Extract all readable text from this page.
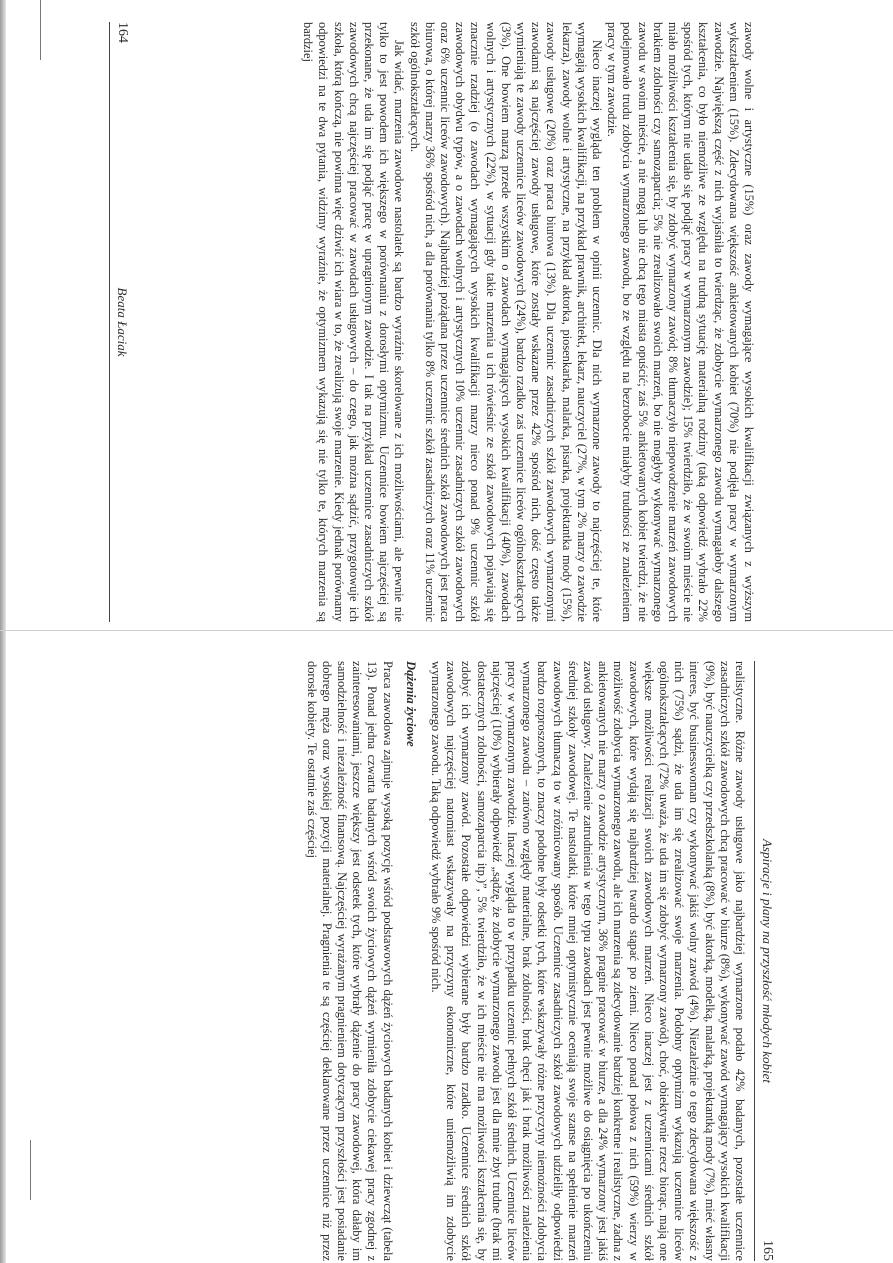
164
Beata Łaciak	zawody wolne i artystyczne (15%) oraz zawody wymagające wysokich kwalifikacji związanych z wyższym wykształceniem (15%). Zdecydowana większość ankietowanych kobiet (70%) nie podjęła pracy w wymarzonym zawodzie. Największą część z nich wyjaśniła to twierdząc, że zdobycie wymarzonego zawodu wymagałoby dalszego kształcenia, co było niemożliwe ze względu na trudną sytuację materialną rodziny (taką odpowiedź wybrało 22% spośród tych, którym nie udało się podjąć pracy w wymarzonym zawodzie); 15% twierdziło, że w swoim mieście nie miało możliwości kształcenia się, by zdobyć wymarzony zawód; 8% tłumaczyło niepowodzenie marzeń zawodowych brakiem zdolności czy samozaparcia; 5% nie zrealizowało swoich marzeń, bo nie mogłyby wykonywać wymarzonego zawodu w swoim mieście, a nie mogą lub nie chcą tego miasta opuścić; zaś 5% ankietowanych kobiet twierdzi, że nie podejmowało trudu zdobycia wymarzonego zawodu, bo ze względu na bezrobocie miałyby trudności ze znalezieniem pracy w tym zawodzie.

Nieco inaczej wygląda ten problem w opinii uczennic. Dla nich wymarzone zawody to najczęściej te, które wymagają wysokich kwalifikacji, na przykład prawnik, architekt, lekarz, nauczyciel (27%, w tym 2% marzy o zawodzie lekarza), zawody wolne i artystyczne, na przykład aktorka, piosenkarka, malarka, pisarka, projektantka mody (15%), zawody usługowe (20%) oraz praca biurowa (13%). Dla uczennic zasadniczych szkół zawodowych wymarzonymi zawodami są najczęściej zawody usługowe, które zostały wskazane przez 42% spośród nich, dość często także wymieniają te zawody uczennice liceów zawodowych (24%), bardzo rzadko zaś uczennice liceów ogólnokształcących (3%). One bowiem marzą przede wszystkim o zawodach wymagających wysokich kwalifikacji (40%), zawodach wolnych i artystycznych (22%), w sytuacji gdy takie marzenia u ich rówieśnic ze szkół zawodowych pojawiają się znacznie rzadziej (o zawodach wymagających wysokich kwalifikacji marzy nieco ponad 9% uczennic szkół zawodowych obydwu typów, a o zawodach wolnych i artystycznych 10% uczennic zasadniczych szkół zawodowych oraz 6% uczennic liceów zawodowych). Najbardziej pożądana przez uczennice średnich szkół zawodowych jest praca biurowa, o której marzy 36% spośród nich, a dla porównania tylko 8% uczennic szkół zasadniczych oraz 11% uczennic szkół ogólnokształcących.

Jak widać, marzenia zawodowe nastolatek są bardzo wyraźnie skorelowane z ich możliwościami, ale pewnie nie tylko to jest powodem ich większego w porównaniu z dorosłymi optymizmu. Uczennice bowiem najczęściej są przekonane, że uda im się podjąć pracę w upragnionym zawodzie. I tak na przykład uczennice zasadniczych szkół zawodowych chcą najczęściej pracować w zawodach usługowych – do czego, jak można sądzić, przygotowuje ich szkoła, którą kończą, nie powinna więc dziwić ich wiara w to, że zrealizują swoje marzenie. Kiedy jednak porównamy odpowiedzi na te dwa pytania, widzimy wyraźnie, że optymizmem wykazują się nie tylko te, których marzenia są bardziej

Aspiracje i plany na przyszłość młodych kobiet
165

realistyczne. Różne zawody usługowe jako najbardziej wymarzone podało 42% badanych, pozostałe uczennice zasadniczych szkół zawodowych chcą pracować w biurze (8%), wykonywać zawód wymagający wysokich kwalifikacji (9%), być nauczycielką czy przedszkolanką (8%), być aktorką, modelką, malarką, projektantką mody (7%), mieć własny interes, być businesswoman czy wykonywać jakiś wolny zawód (4%). Niezależnie o tego zdecydowana większość z nich (75%) sądzi, że uda im się zrealizować swoje marzenia. Podobny optymizm wykazują uczennice liceów ogólnokształcących (72% uważa, że uda im się zdobyć wymarzony zawód), choć, obiektywnie rzecz biorąc, mają one większe możliwości realizacji swoich zawodowych marzeń. Nieco inaczej jest z uczennicami średnich szkół zawodowych, które wydają się najbardziej twardo stąpać po ziemi. Nieco ponad połowa z nich (59%) wierzy w możliwość zdobycia wymarzonego zawodu, ale ich marzenia są zdecydowanie bardziej konkretne i realistyczne, żadna z ankietowanych nie marzy o zawodzie artystycznym, 36% pragnie pracować w biurze, a dla 24% wymarzony jest jakiś zawód usługowy. Znalezienie zatrudnienia w tego typu zawodach jest pewnie możliwe do osiągnięcia po ukończeniu średniej szkoły zawodowej. Te nastolatki, które mniej optymistycznie oceniają swoje szanse na spełnienie marzeń zawodowych tłumaczą to w zróżnicowany sposób. Uczennice zasadniczych szkół zawodowych udzieliły odpowiedzi bardzo rozproszonych, to znaczy podobne były odsetki tych, które wskazywały różne przyczyny niemożności zdobycia wymarzonego zawodu – zarówno względy materialne, brak zdolności, brak chęci jak i brak możliwości znalezienia pracy w wymarzonym zawodzie. Inaczej wygląda to w przypadku uczennic pełnych szkół średnich. Uczennice liceów najczęściej (10%) wybierały odpowiedź „sądzę, że zdobycie wymarzonego zawodu jest dla mnie zbyt trudne (brak mi dostatecznych zdolności, samozaparcia itp.)”, 5% twierdziło, że w ich mieście nie ma możliwości kształcenia się, by zdobyć ich wymarzony zawód. Pozostałe odpowiedzi wybierane były bardzo rzadko. Uczennice średnich szkół zawodowych najczęściej natomiast wskazywały na przyczyny ekonomiczne, które uniemożliwią im zdobycie wymarzonego zawodu. Taką odpowiedź wybrało 9% spośród nich.

Dążenia życiowe

Praca zawodowa zajmuje wysoką pozycję wśród podstawowych dążeń życiowych badanych kobiet i dziewcząt (tabela 13). Ponad jedna czwarta badanych wśród swoich życiowych dążeń wymieniła zdobycie ciekawej pracy zgodnej z zainteresowaniami, jeszcze większy jest odsetek tych, które wybrały dążenie do pracy zawodowej, która dałaby im samodzielność i niezależność finansową. Najczęściej wyrażanym pragnieniem dotyczącym przyszłości jest posiadanie dobrego męża oraz wysokiej pozycji materialnej. Pragnienia te są częściej deklarowane przez uczennice niż przez dorosłe kobiety. Te ostatnie zaś częściej
